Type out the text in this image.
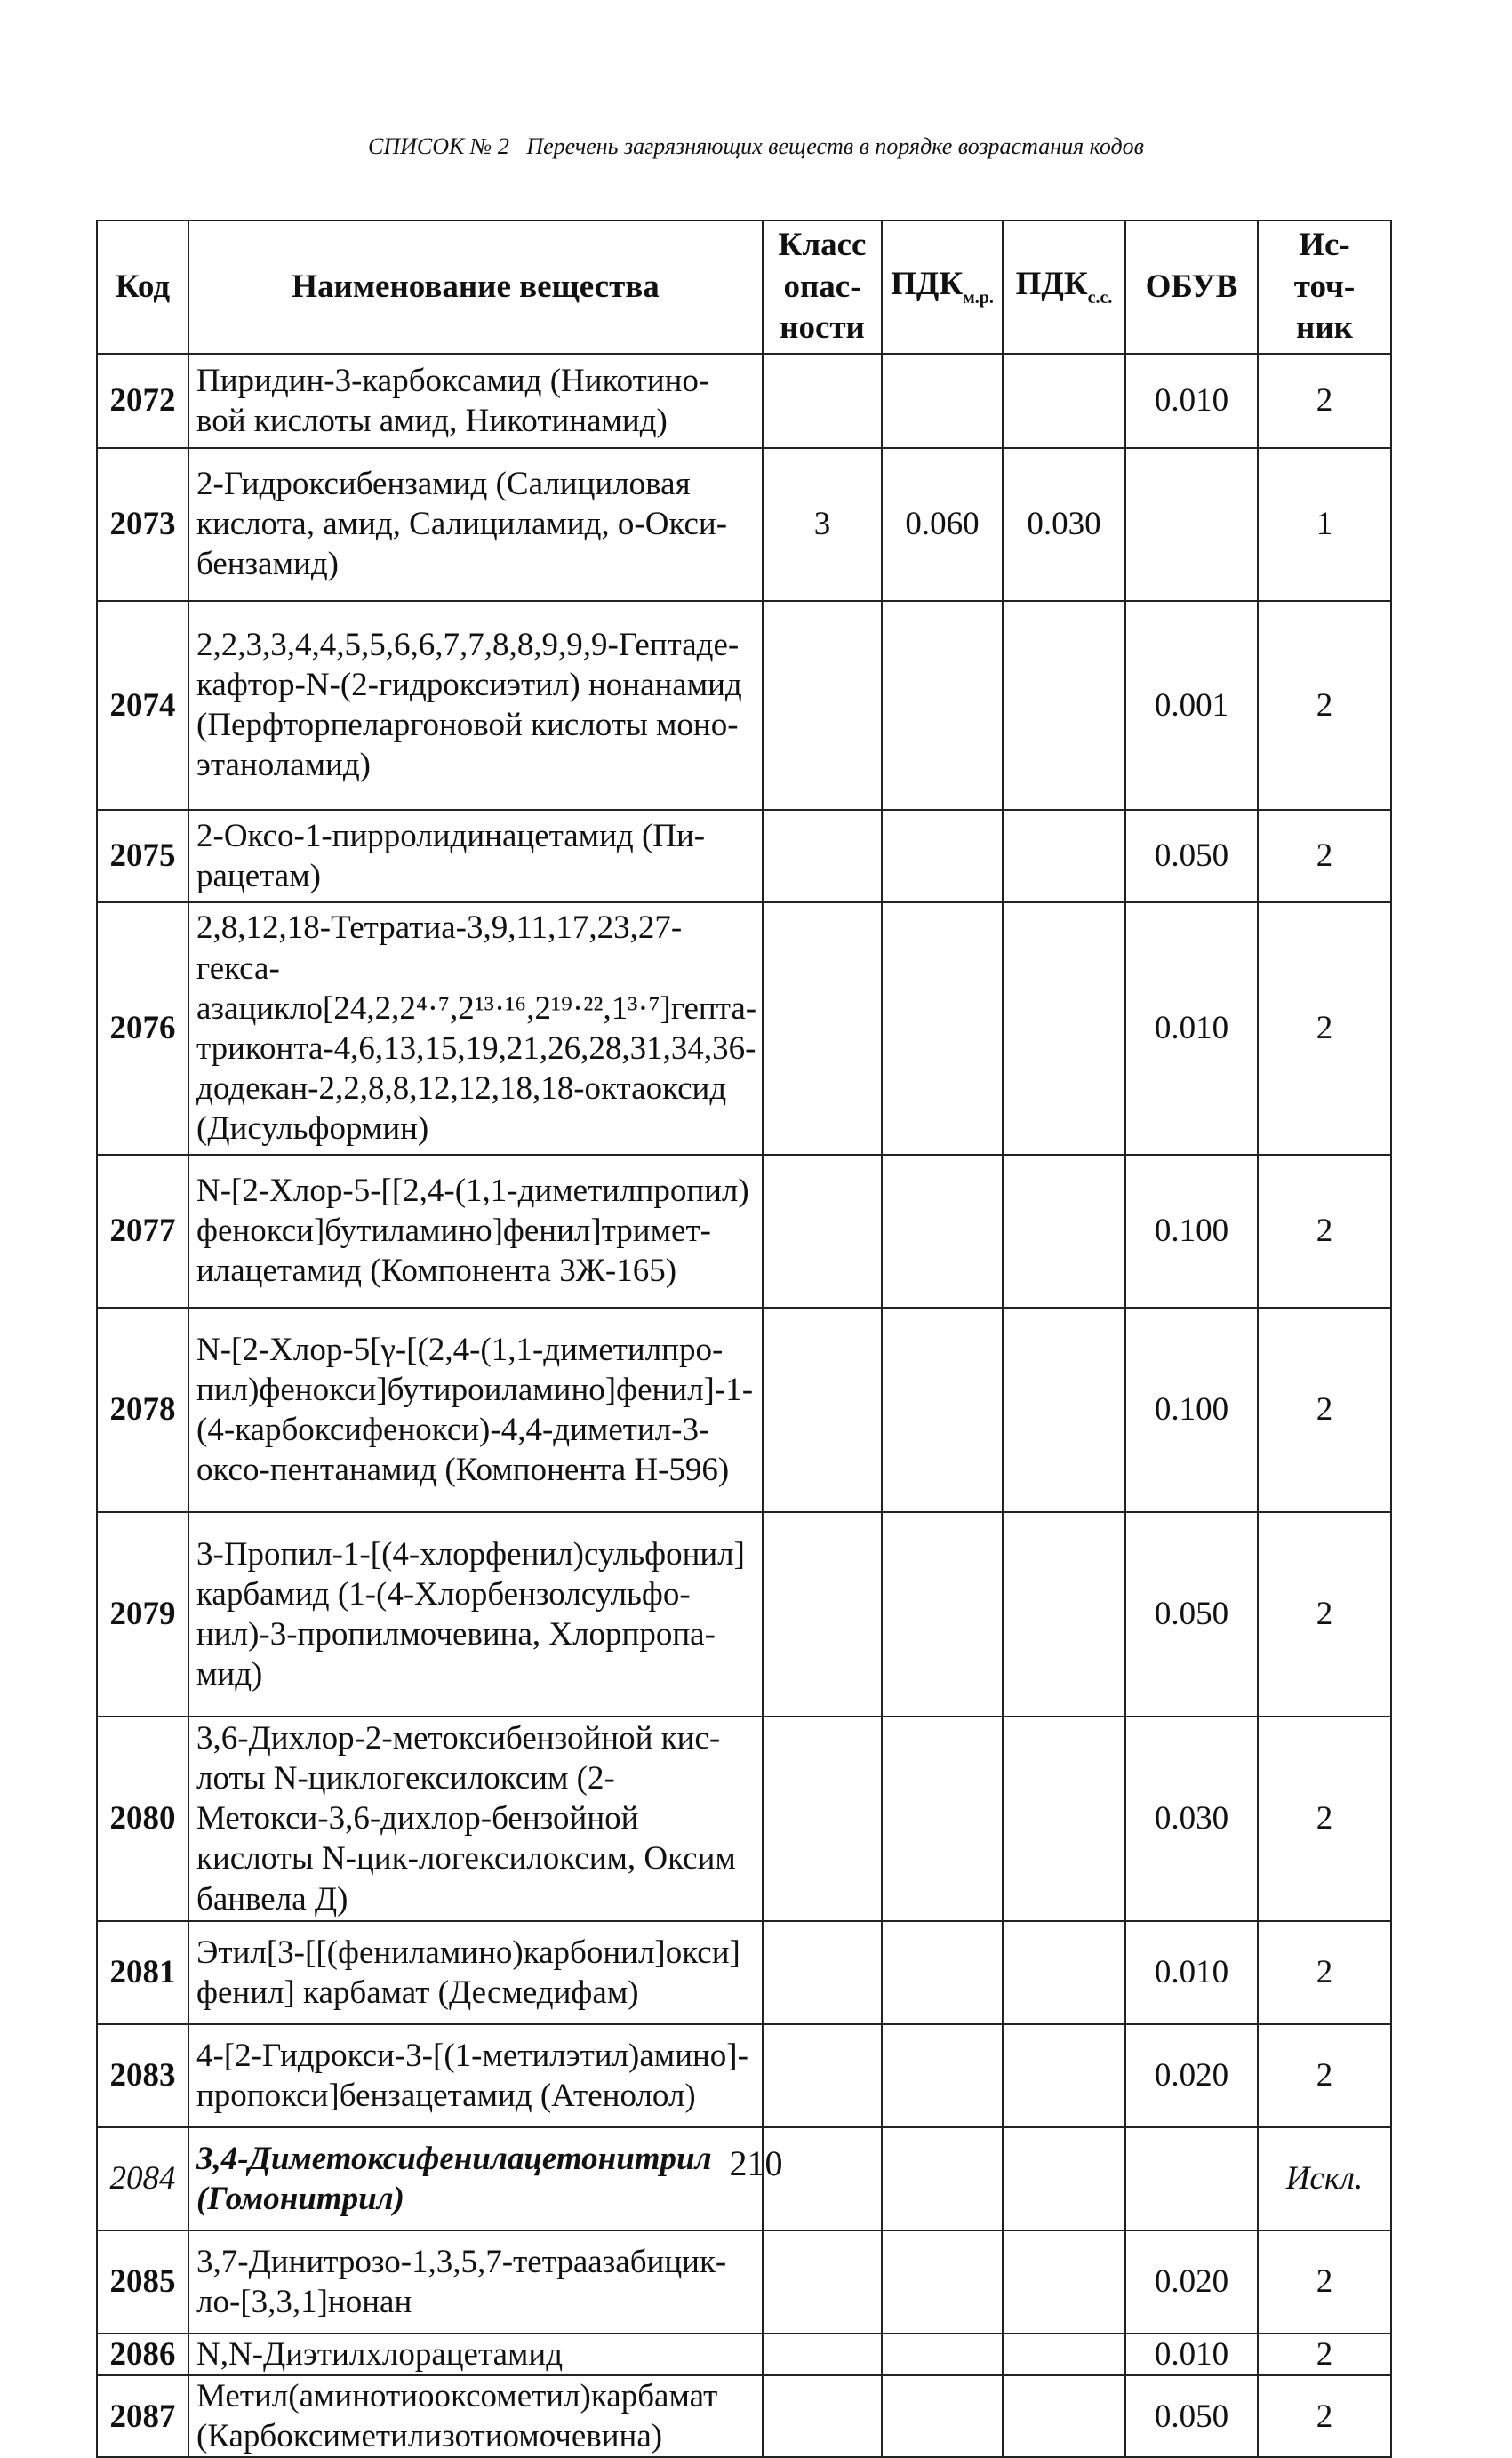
СПИСОК № 2 Перечень загрязняющих веществ в порядке возрастания кодов
Код	Наименование вещества	Класс
опас-
ности	$ПДК_{м.р.}$	$ПДК_{с.с.}$	ОБУВ	Ис-
точ-
ник
2072	Пиридин-3-карбоксамид (Никотино-вой кислоты амид, Никотинамид)				0.010	2
2073	2-Гидроксибензамид (Салициловая кислота, амид, Салициламид, о-Окси-бензамид)	3	0.060	0.030		1
2074	2,2,3,3,4,4,5,5,6,6,7,7,8,8,9,9,9-Гептаде-кафтор-N-(2-гидроксиэтил) нонанамид (Перфторпеларгоновой кислоты моно-этаноламид)				0.001	2
2075	2-Оксо-1-пирролидинацетамид (Пи-рацетам)				0.050	2
2076	2,8,12,18-Тетратиа-3,9,11,17,23,27-гекса-азацикло[24,2,2⁴·⁷,2¹³·¹⁶,2¹⁹·²²,1³·⁷]гепта-триконта-4,6,13,15,19,21,26,28,31,34,36-додекан-2,2,8,8,12,12,18,18-октаоксид (Дисульформин)				0.010	2
2077	N-[2-Хлор-5-[[2,4-(1,1-диметилпропил) фенокси]бутиламино]фенил]тримет-илацетамид (Компонента 3Ж-165)				0.100	2
2078	N-[2-Хлор-5[γ-[(2,4-(1,1-диметилпро-пил)фенокси]бутироиламино]фенил]-1-(4-карбоксифенокси)-4,4-диметил-3-оксо-пентанамид (Компонента Н-596)				0.100	2
2079	3-Пропил-1-[(4-хлорфенил)сульфонил] карбамид (1-(4-Хлорбензолсульфо-нил)-3-пропилмочевина, Хлорпропа-мид)				0.050	2
2080	3,6-Дихлор-2-метоксибензойной кис-лоты N-циклогексилоксим (2-Метокси-3,6-дихлор-бензойной кислоты N-цик-логексилоксим, Оксим банвела Д)				0.030	2
2081	Этил[3-[[(фениламино)карбонил]окси] фенил] карбамат (Десмедифам)				0.010	2
2083	4-[2-Гидрокси-3-[(1-метилэтил)амино]-пропокси]бензацетамид (Атенолол)				0.020	2
2084	3,4-Диметоксифенилацетонитрил (Гомонитрил)					Искл.
2085	3,7-Динитрозо-1,3,5,7-тетраазабицик-ло-[3,3,1]нонан				0.020	2
2086	N,N-Диэтилхлорацетамид				0.010	2
2087	Метил(аминотиооксометил)карбамат (Карбоксиметилизотиомочевина)				0.050	2
210
